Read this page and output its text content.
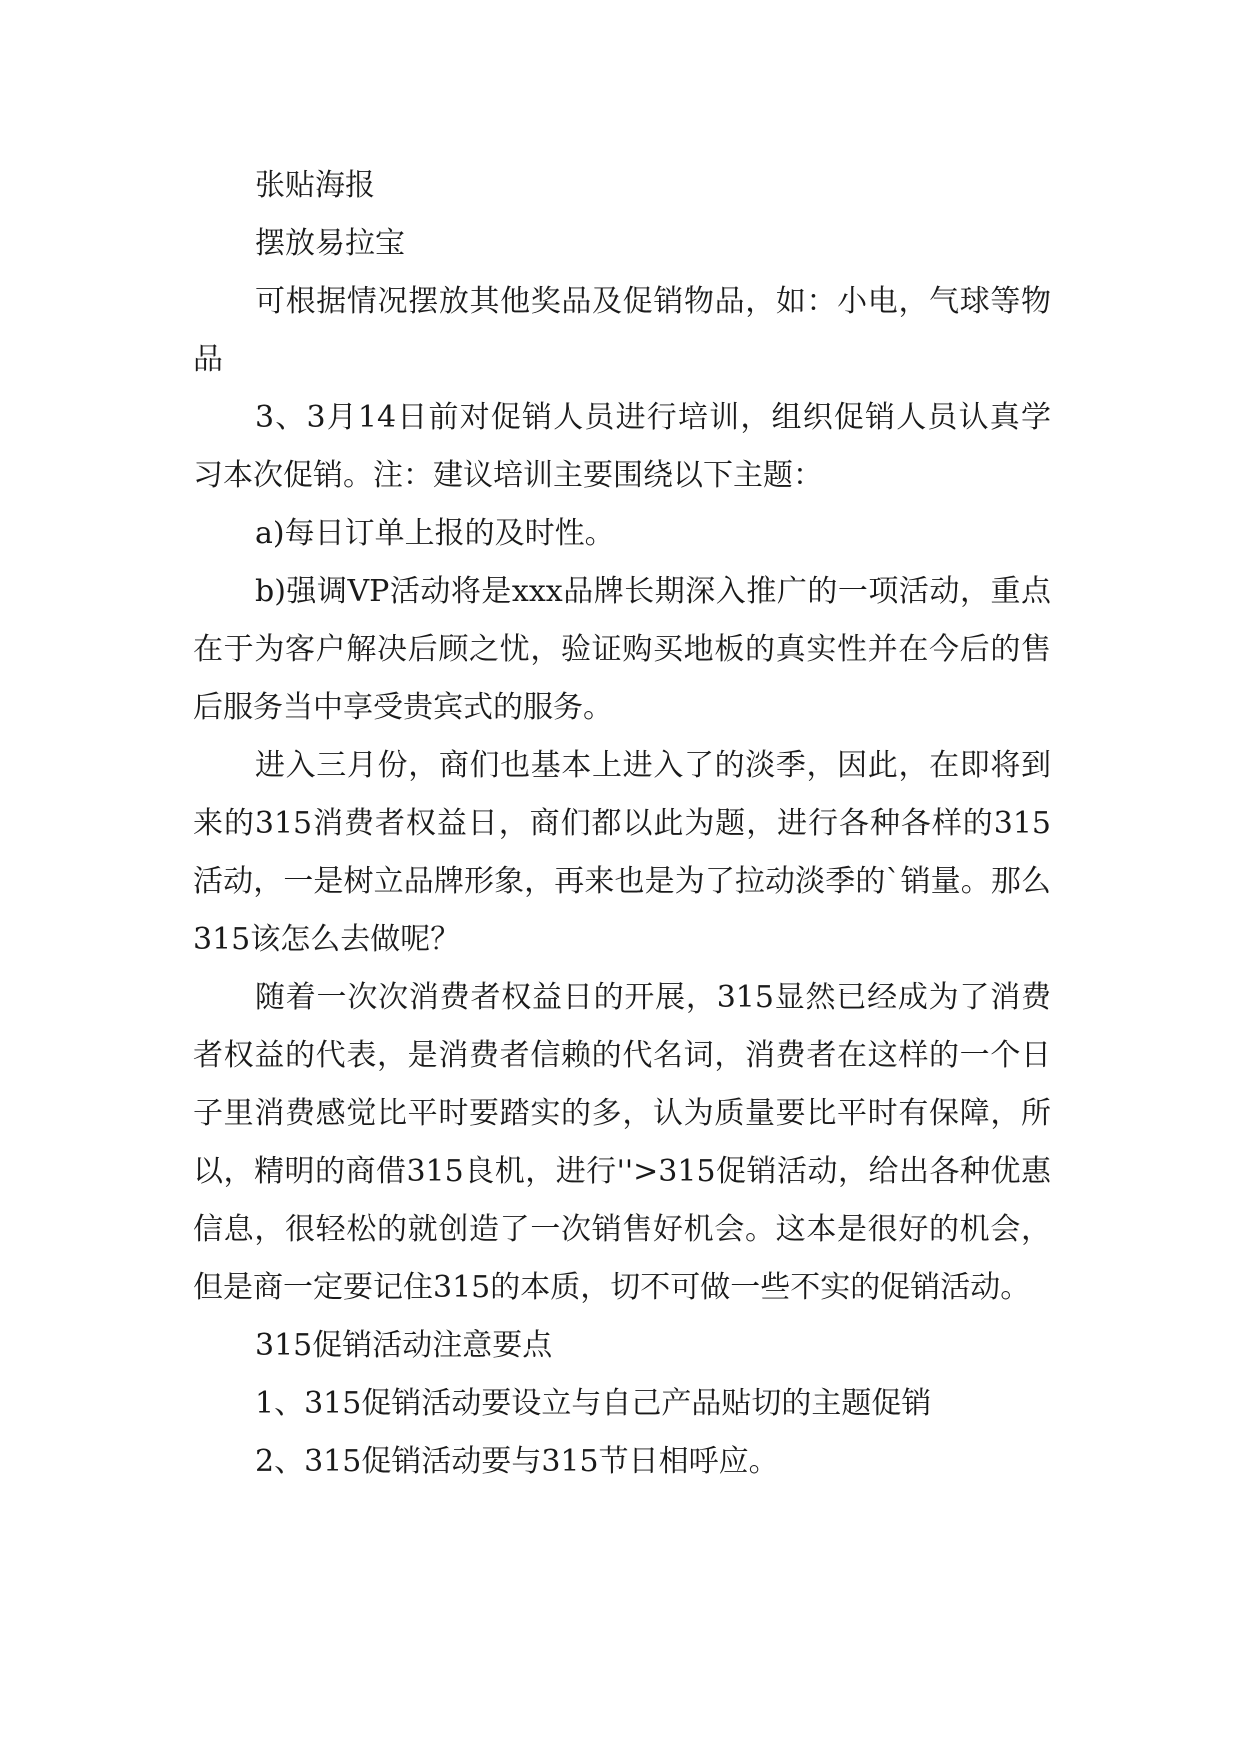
张贴海报

摆放易拉宝

可根据情况摆放其他奖品及促销物品，如：小电，气球等物品

3、3月14日前对促销人员进行培训，组织促销人员认真学习本次促销。注：建议培训主要围绕以下主题：

a)每日订单上报的及时性。

b)强调VP活动将是xxx品牌长期深入推广的一项活动，重点在于为客户解决后顾之忧，验证购买地板的真实性并在今后的售后服务当中享受贵宾式的服务。

进入三月份，商们也基本上进入了的淡季，因此，在即将到来的315消费者权益日，商们都以此为题，进行各种各样的315活动，一是树立品牌形象，再来也是为了拉动淡季的`销量。那么315该怎么去做呢？

随着一次次消费者权益日的开展，315显然已经成为了消费者权益的代表，是消费者信赖的代名词，消费者在这样的一个日子里消费感觉比平时要踏实的多，认为质量要比平时有保障，所以，精明的商借315良机，进行''>315促销活动，给出各种优惠信息，很轻松的就创造了一次销售好机会。这本是很好的机会，但是商一定要记住315的本质，切不可做一些不实的促销活动。

315促销活动注意要点

1、315促销活动要设立与自己产品贴切的主题促销

2、315促销活动要与315节日相呼应。
